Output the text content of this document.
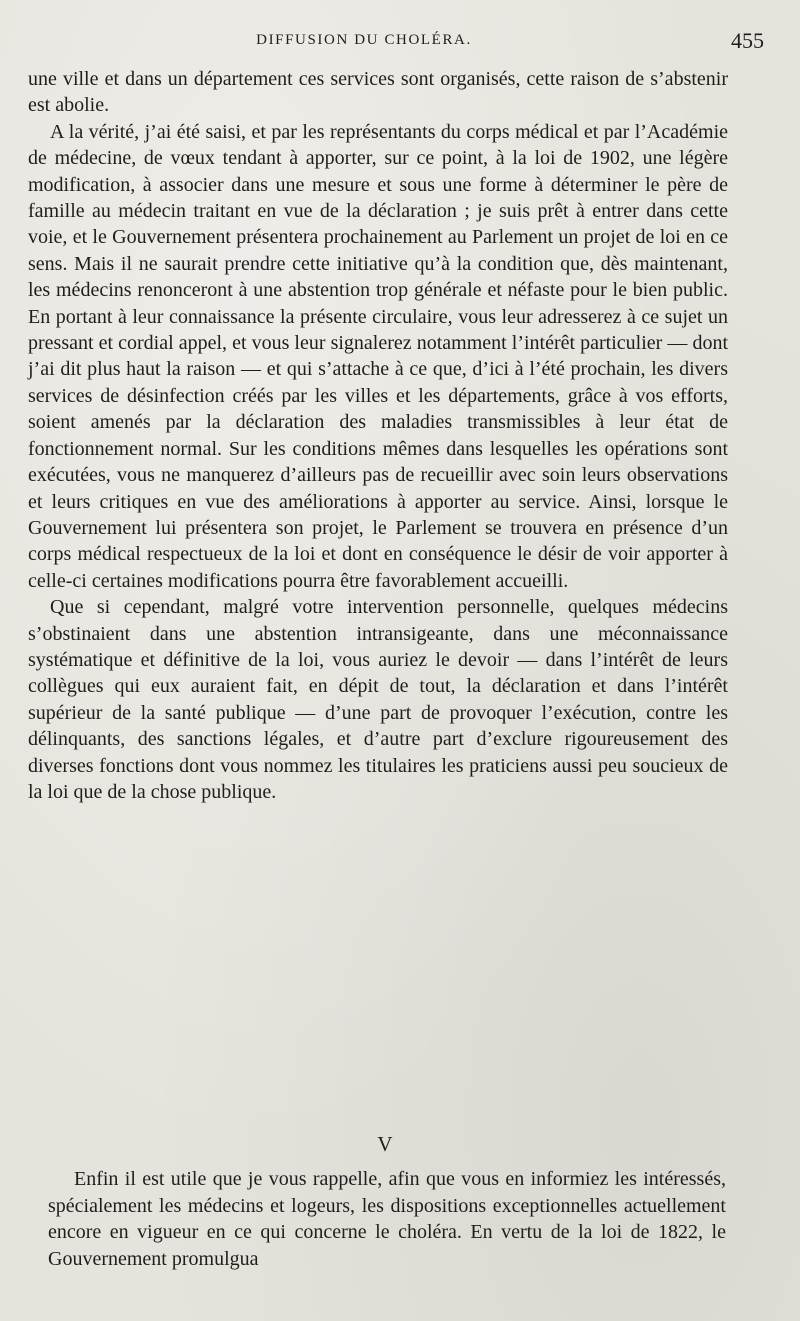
DIFFUSION DU CHOLÉRA.	455

une ville et dans un département ces services sont organisés, cette raison de s’abstenir est abolie.

A la vérité, j’ai été saisi, et par les représentants du corps médical et par l’Académie de médecine, de vœux tendant à apporter, sur ce point, à la loi de 1902, une légère modification, à associer dans une mesure et sous une forme à déterminer le père de famille au médecin traitant en vue de la déclaration ; je suis prêt à entrer dans cette voie, et le Gouvernement présentera prochainement au Parlement un projet de loi en ce sens. Mais il ne saurait prendre cette initiative qu’à la condition que, dès maintenant, les médecins renonceront à une abstention trop générale et néfaste pour le bien public. En portant à leur connaissance la présente circulaire, vous leur adresserez à ce sujet un pressant et cordial appel, et vous leur signalerez notamment l’intérêt particulier — dont j’ai dit plus haut la raison — et qui s’attache à ce que, d’ici à l’été prochain, les divers services de désinfection créés par les villes et les départements, grâce à vos efforts, soient amenés par la déclaration des maladies transmissibles à leur état de fonctionnement normal. Sur les conditions mêmes dans lesquelles les opérations sont exécutées, vous ne manquerez d’ailleurs pas de recueillir avec soin leurs observations et leurs critiques en vue des améliorations à apporter au service. Ainsi, lorsque le Gouvernement lui présentera son projet, le Parlement se trouvera en présence d’un corps médical respectueux de la loi et dont en conséquence le désir de voir apporter à celle-ci certaines modifications pourra être favorablement accueilli.

Que si cependant, malgré votre intervention personnelle, quelques médecins s’obstinaient dans une abstention intransigeante, dans une méconnaissance systématique et définitive de la loi, vous auriez le devoir — dans l’intérêt de leurs collègues qui eux auraient fait, en dépit de tout, la déclaration et dans l’intérêt supérieur de la santé publique — d’une part de provoquer l’exécution, contre les délinquants, des sanctions légales, et d’autre part d’exclure rigoureusement des diverses fonctions dont vous nommez les titulaires les praticiens aussi peu soucieux de la loi que de la chose publique.

V

Enfin il est utile que je vous rappelle, afin que vous en informiez les intéressés, spécialement les médecins et logeurs, les dispositions exceptionnelles actuellement encore en vigueur en ce qui concerne le choléra. En vertu de la loi de 1822, le Gouvernement promulgua
